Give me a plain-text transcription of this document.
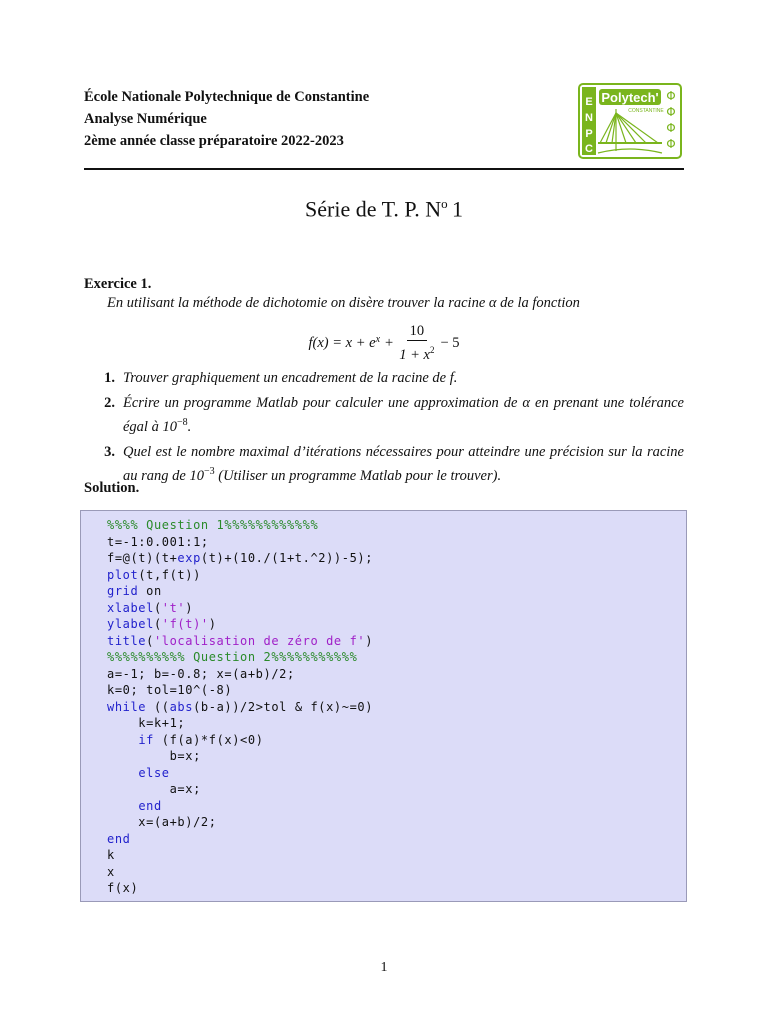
École Nationale Polytechnique de Constantine
Analyse Numérique
2ème année classe préparatoire 2022-2023
E
N
P
C
Polytech'
CONSTANTINE
Φ
Φ
Φ
Φ
Série de T. P. $N^o$  1
Exercice 1.
En utilisant la méthode de dichotomie on disère trouver la racine α de la fonction
$f(x) = x + e^x + \frac{10}{1 + x^2} - 5$
1. Trouver graphiquement un encadrement de la racine de f.
2. Écrire un programme Matlab pour calculer une approximation de α en prenant une tolérance égal à $10^{-8}$.
3. Quel est le nombre maximal d’itérations nécessaires pour atteindre une précision sur la racine au rang de $10^{-3}$ (Utiliser un programme Matlab pour le trouver).
Solution.
%%%% Question 1%%%%%%%%%%%%
t=-1:0.001:1;
f=@(t)(t+exp(t)+(10./(1+t.^2))-5);
plot(t,f(t))
grid on
xlabel('t')
ylabel('f(t)')
title('localisation de zéro de f')
%%%%%%%%%% Question 2%%%%%%%%%%%
a=-1; b=-0.8; x=(a+b)/2;
k=0; tol=10^(-8)
while ((abs(b-a))/2>tol & f(x)~=0)
k=k+1;
if (f(a)*f(x)<0)
b=x;
else
a=x;
end
x=(a+b)/2;
end
k
x
f(x)
1
